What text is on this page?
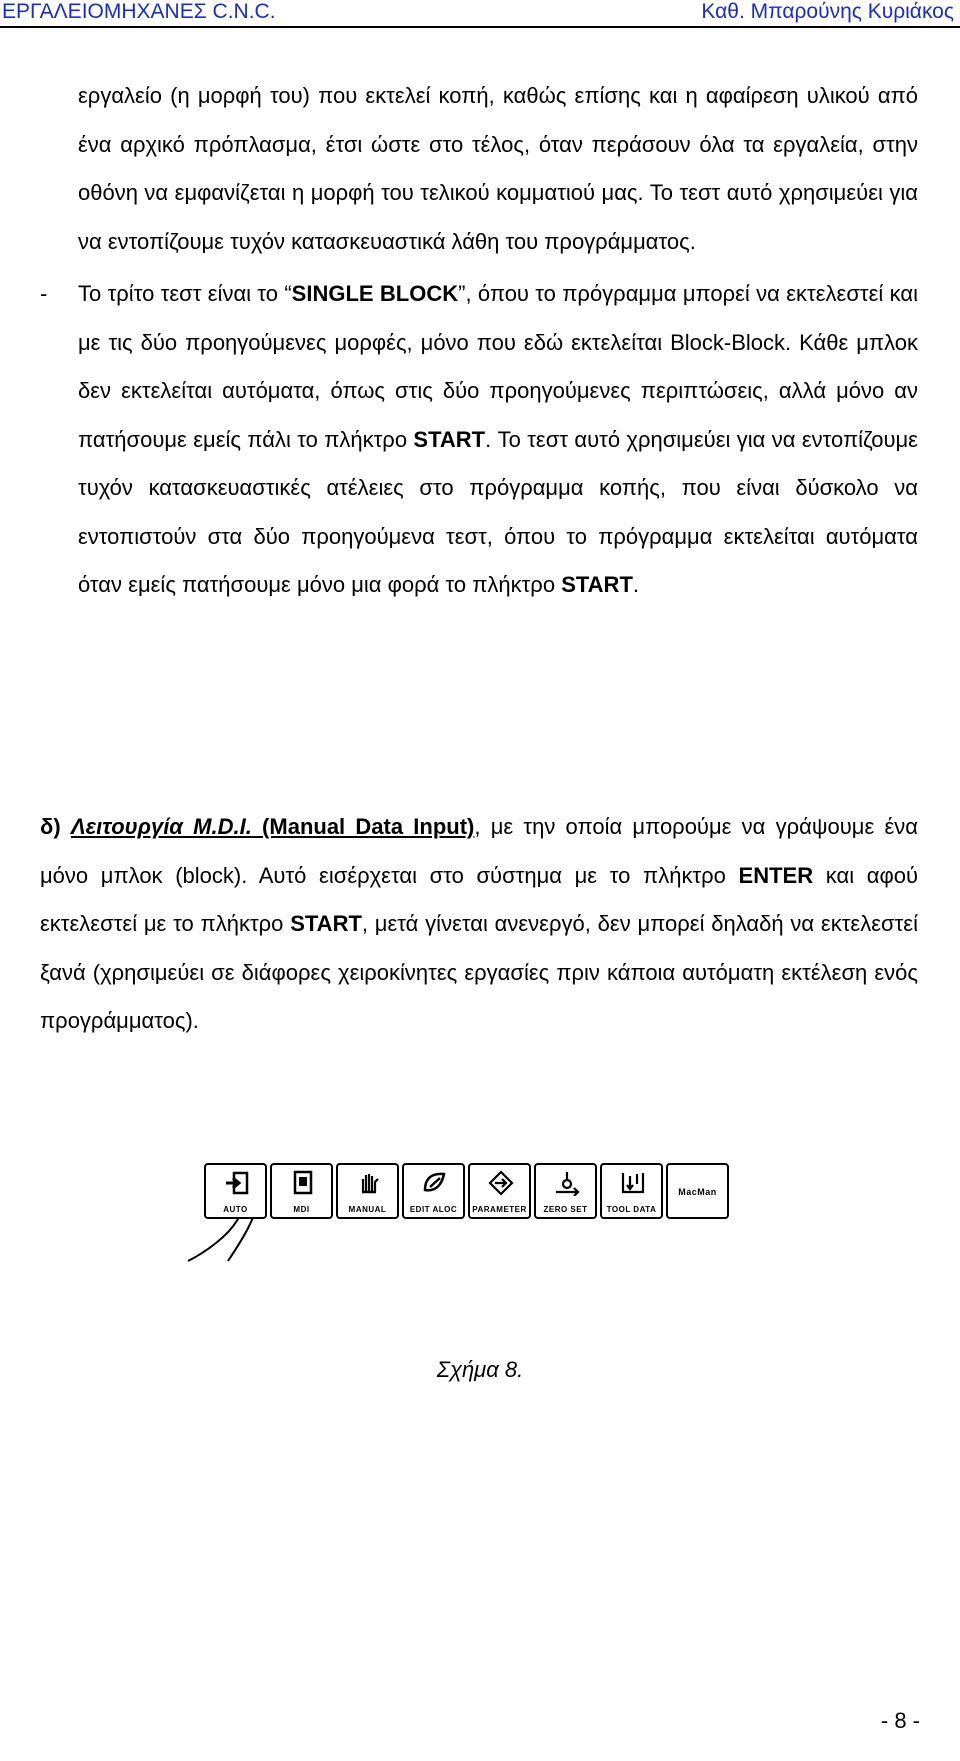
ΕΡΓΑΛΕΙΟΜΗΧΑΝΕΣ C.N.C.	Καθ. Μπαρούνης Κυριάκος
εργαλείο (η μορφή του) που εκτελεί κοπή, καθώς επίσης και η αφαίρεση υλικού από ένα αρχικό πρόπλασμα, έτσι ώστε στο τέλος, όταν περάσουν όλα τα εργαλεία, στην οθόνη να εμφανίζεται η μορφή του τελικού κομματιού μας. Το τεστ αυτό χρησιμεύει για να εντοπίζουμε τυχόν κατασκευαστικά λάθη του προγράμματος.
- Το τρίτο τεστ είναι το “SINGLE BLOCK”, όπου το πρόγραμμα μπορεί να εκτελεστεί και με τις δύο προηγούμενες μορφές, μόνο που εδώ εκτελείται Block-Block. Κάθε μπλοκ δεν εκτελείται αυτόματα, όπως στις δύο προηγούμενες περιπτώσεις, αλλά μόνο αν πατήσουμε εμείς πάλι το πλήκτρο START. Το τεστ αυτό χρησιμεύει για να εντοπίζουμε τυχόν κατασκευαστικές ατέλειες στο πρόγραμμα κοπής, που είναι δύσκολο να εντοπιστούν στα δύο προηγούμενα τεστ, όπου το πρόγραμμα εκτελείται αυτόματα όταν εμείς πατήσουμε μόνο μια φορά το πλήκτρο START.
δ) Λειτουργία M.D.I. (Manual Data Input), με την οποία μπορούμε να γράψουμε ένα μόνο μπλοκ (block). Αυτό εισέρχεται στο σύστημα με το πλήκτρο ENTER και αφού εκτελεστεί με το πλήκτρο START, μετά γίνεται ανενεργό, δεν μπορεί δηλαδή να εκτελεστεί ξανά (χρησιμεύει σε διάφορες χειροκίνητες εργασίες πριν κάποια αυτόματη εκτέλεση ενός προγράμματος).
AUTO	MDI	MANUAL	EDIT ALOC	PARAMETER	ZERO SET	TOOL DATA
MacMan
Σχήμα 8.
- 8 -
